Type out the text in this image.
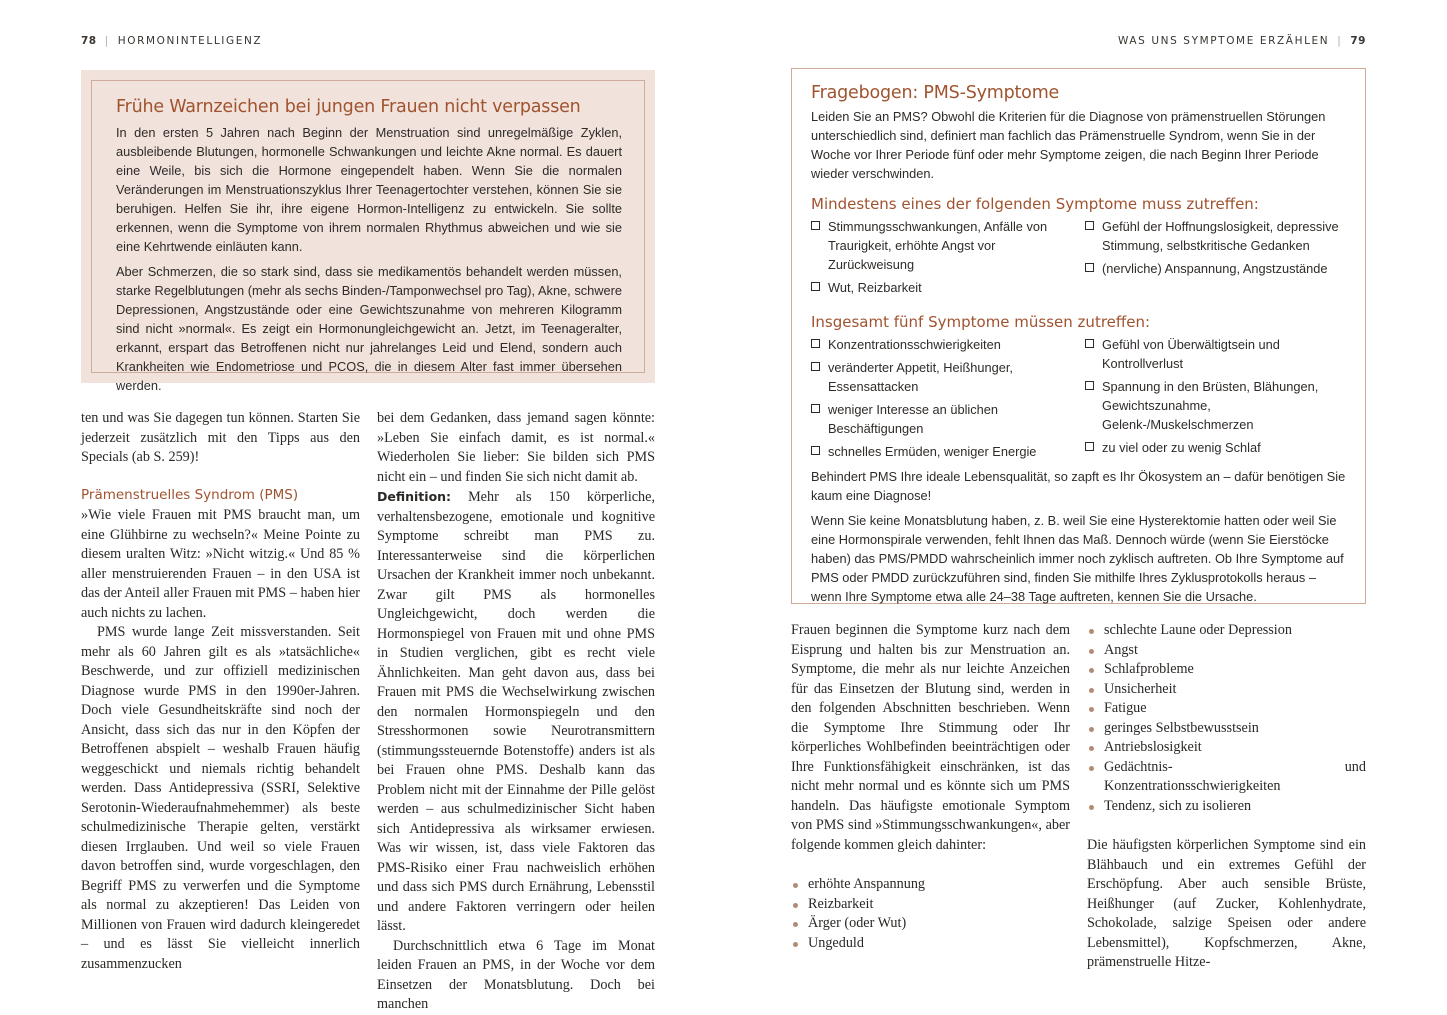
78 | HORMONINTELLIGENZ
Frühe Warnzeichen bei jungen Frauen nicht verpassen

In den ersten 5 Jahren nach Beginn der Menstruation sind unregelmäßige Zyklen, ausbleibende Blutungen, hormonelle Schwankungen und leichte Akne normal. Es dauert eine Weile, bis sich die Hormone eingependelt haben. Wenn Sie die normalen Veränderungen im Menstruationszyklus Ihrer Teenagertochter verstehen, können Sie sie beruhigen. Helfen Sie ihr, ihre eigene Hormon-Intelligenz zu entwickeln. Sie sollte erkennen, wenn die Symptome von ihrem normalen Rhythmus abweichen und wie sie eine Kehrtwende einläuten kann.

Aber Schmerzen, die so stark sind, dass sie medikamentös behandelt werden müssen, starke Regelblutungen (mehr als sechs Binden-/Tamponwechsel pro Tag), Akne, schwere Depressionen, Angstzustände oder eine Gewichtszunahme von mehreren Kilogramm sind nicht »normal«. Es zeigt ein Hormonungleichgewicht an. Jetzt, im Teenageralter, erkannt, erspart das Betroffenen nicht nur jahrelanges Leid und Elend, sondern auch Krankheiten wie Endometriose und PCOS, die in diesem Alter fast immer übersehen werden.

ten und was Sie dagegen tun können. Starten Sie jederzeit zusätzlich mit den Tipps aus den Specials (ab S. 259)!

Prämenstruelles Syndrom (PMS)

»Wie viele Frauen mit PMS braucht man, um eine Glühbirne zu wechseln?« Meine Pointe zu diesem uralten Witz: »Nicht witzig.« Und 85 % aller menstruierenden Frauen – in den USA ist das der Anteil aller Frauen mit PMS – haben hier auch nichts zu lachen.

PMS wurde lange Zeit missverstanden. Seit mehr als 60 Jahren gilt es als »tatsächliche« Beschwerde, und zur offiziell medizinischen Diagnose wurde PMS in den 1990er-Jahren. Doch viele Gesundheitskräfte sind noch der Ansicht, dass sich das nur in den Köpfen der Betroffenen abspielt – weshalb Frauen häufig weggeschickt und niemals richtig behandelt werden. Dass Antidepressiva (SSRI, Selektive Serotonin-Wiederaufnahmehemmer) als beste schulmedizinische Therapie gelten, verstärkt diesen Irrglauben. Und weil so viele Frauen davon betroffen sind, wurde vorgeschlagen, den Begriff PMS zu verwerfen und die Symptome als normal zu akzeptieren! Das Leiden von Millionen von Frauen wird dadurch kleingeredet – und es lässt Sie vielleicht innerlich zusammenzucken

bei dem Gedanken, dass jemand sagen könnte: »Leben Sie einfach damit, es ist normal.« Wiederholen Sie lieber: Sie bilden sich PMS nicht ein – und finden Sie sich nicht damit ab.

Definition: Mehr als 150 körperliche, verhaltensbezogene, emotionale und kognitive Symptome schreibt man PMS zu. Interessanterweise sind die körperlichen Ursachen der Krankheit immer noch unbekannt. Zwar gilt PMS als hormonelles Ungleichgewicht, doch werden die Hormonspiegel von Frauen mit und ohne PMS in Studien verglichen, gibt es recht viele Ähnlichkeiten. Man geht davon aus, dass bei Frauen mit PMS die Wechselwirkung zwischen den normalen Hormonspiegeln und den Stresshormonen sowie Neurotransmittern (stimmungssteuernde Botenstoffe) anders ist als bei Frauen ohne PMS. Deshalb kann das Problem nicht mit der Einnahme der Pille gelöst werden – aus schulmedizinischer Sicht haben sich Antidepressiva als wirksamer erwiesen. Was wir wissen, ist, dass viele Faktoren das PMS-Risiko einer Frau nachweislich erhöhen und dass sich PMS durch Ernährung, Lebensstil und andere Faktoren verringern oder heilen lässt.

Durchschnittlich etwa 6 Tage im Monat leiden Frauen an PMS, in der Woche vor dem Einsetzen der Monatsblutung. Doch bei manchen

WAS UNS SYMPTOME ERZÄHLEN | 79
Fragebogen: PMS-Symptome

Leiden Sie an PMS? Obwohl die Kriterien für die Diagnose von prämenstruellen Störungen unterschiedlich sind, definiert man fachlich das Prämenstruelle Syndrom, wenn Sie in der Woche vor Ihrer Periode fünf oder mehr Symptome zeigen, die nach Beginn Ihrer Periode wieder verschwinden.

Mindestens eines der folgenden Symptome muss zutreffen:
Stimmungsschwankungen, Anfälle von Traurigkeit, erhöhte Angst vor Zurückweisung
Wut, Reizbarkeit
Gefühl der Hoffnungslosigkeit, depressive Stimmung, selbstkritische Gedanken
(nervliche) Anspannung, Angstzustände
Insgesamt fünf Symptome müssen zutreffen:
Konzentrationsschwierigkeiten
veränderter Appetit, Heißhunger, Essensattacken
weniger Interesse an üblichen Beschäftigungen
schnelles Ermüden, weniger Energie
Gefühl von Überwältigtsein und Kontrollverlust
Spannung in den Brüsten, Blähungen, Gewichtszunahme, Gelenk-/Muskelschmerzen
zu viel oder zu wenig Schlaf

Behindert PMS Ihre ideale Lebensqualität, so zapft es Ihr Ökosystem an – dafür benötigen Sie kaum eine Diagnose!

Wenn Sie keine Monatsblutung haben, z. B. weil Sie eine Hysterektomie hatten oder weil Sie eine Hormonspirale verwenden, fehlt Ihnen das Maß. Dennoch würde (wenn Sie Eierstöcke haben) das PMS/PMDD wahrscheinlich immer noch zyklisch auftreten. Ob Ihre Symptome auf PMS oder PMDD zurückzuführen sind, finden Sie mithilfe Ihres Zyklusprotokolls heraus – wenn Ihre Symptome etwa alle 24–38 Tage auftreten, kennen Sie die Ursache.

Frauen beginnen die Symptome kurz nach dem Eisprung und halten bis zur Menstruation an. Symptome, die mehr als nur leichte Anzeichen für das Einsetzen der Blutung sind, werden in den folgenden Abschnitten beschrieben. Wenn die Symptome Ihre Stimmung oder Ihr körperliches Wohlbefinden beeinträchtigen oder Ihre Funktionsfähigkeit einschränken, ist das nicht mehr normal und es könnte sich um PMS handeln. Das häufigste emotionale Symptom von PMS sind »Stimmungsschwankungen«, aber folgende kommen gleich dahinter:

erhöhte Anspannung
Reizbarkeit
Ärger (oder Wut)
Ungeduld
schlechte Laune oder Depression
Angst
Schlafprobleme
Unsicherheit
Fatigue
geringes Selbstbewusstsein
Antriebslosigkeit
Gedächtnis- und Konzentrationsschwierigkeiten
Tendenz, sich zu isolieren

Die häufigsten körperlichen Symptome sind ein Blähbauch und ein extremes Gefühl der Erschöpfung. Aber auch sensible Brüste, Heißhunger (auf Zucker, Kohlenhydrate, Schokolade, salzige Speisen oder andere Lebensmittel), Kopfschmerzen, Akne, prämenstruelle Hitze-
